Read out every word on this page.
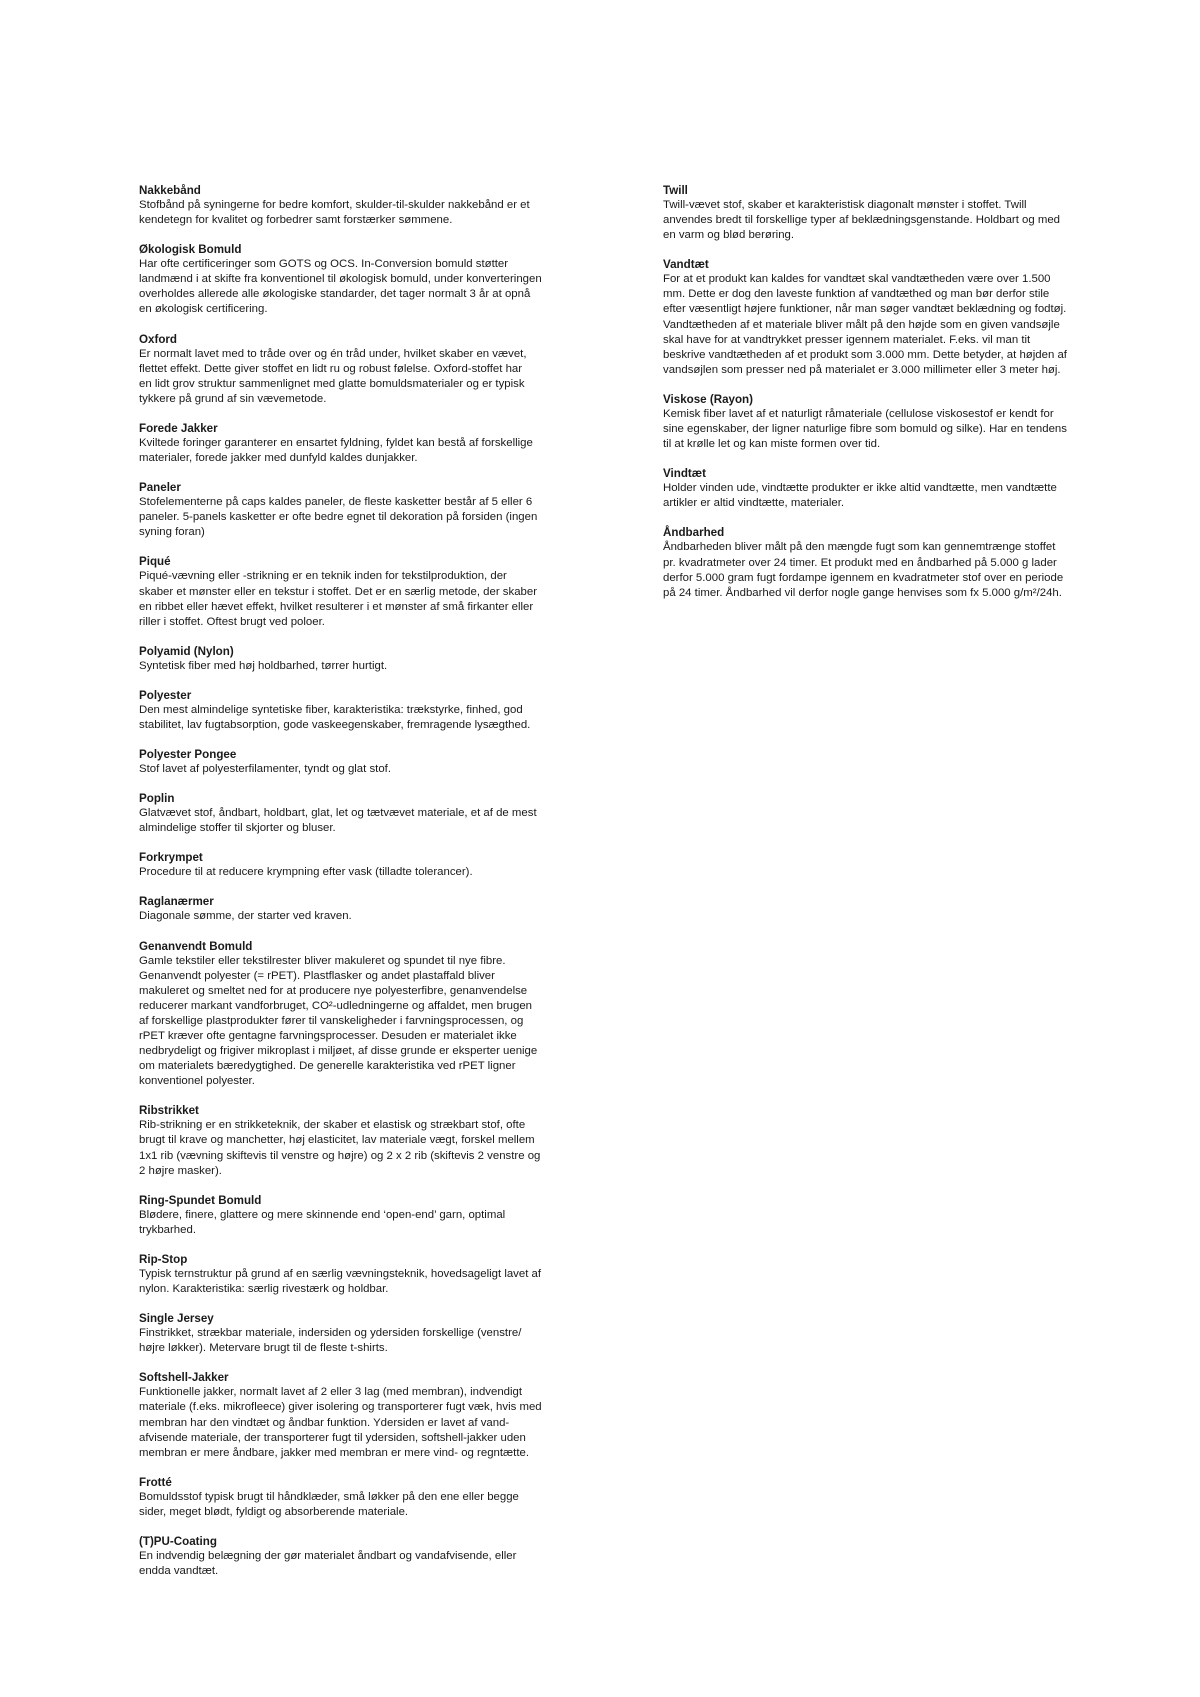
Nakkebånd

Stofbånd på syningerne for bedre komfort, skulder-til-skulder nakkebånd er et
kendetegn for kvalitet og forbedrer samt forstærker sømmene.

Økologisk Bomuld

Har ofte certificeringer som GOTS og OCS. In-Conversion bomuld støtter
landmænd i at skifte fra konventionel til økologisk bomuld, under konverteringen
overholdes allerede alle økologiske standarder, det tager normalt 3 år at opnå
en økologisk certificering.

Oxford

Er normalt lavet med to tråde over og én tråd under, hvilket skaber en vævet,
flettet effekt. Dette giver stoffet en lidt ru og robust følelse. Oxford-stoffet har
en lidt grov struktur sammenlignet med glatte bomuldsmaterialer og er typisk
tykkere på grund af sin vævemetode.

Forede Jakker

Kviltede foringer garanterer en ensartet fyldning, fyldet kan bestå af forskellige
materialer, forede jakker med dunfyld kaldes dunjakker.

Paneler

Stofelementerne på caps kaldes paneler, de fleste kasketter består af 5 eller 6
paneler. 5-panels kasketter er ofte bedre egnet til dekoration på forsiden (ingen
syning foran)

Piqué

Piqué-vævning eller -strikning er en teknik inden for tekstilproduktion, der
skaber et mønster eller en tekstur i stoffet. Det er en særlig metode, der skaber
en ribbet eller hævet effekt, hvilket resulterer i et mønster af små firkanter eller
riller i stoffet. Oftest brugt ved poloer.

Polyamid (Nylon)

Syntetisk fiber med høj holdbarhed, tørrer hurtigt.

Polyester

Den mest almindelige syntetiske fiber, karakteristika: trækstyrke, finhed, god
stabilitet, lav fugtabsorption, gode vaskeegenskaber, fremragende lysægthed.

Polyester Pongee

Stof lavet af polyesterfilamenter, tyndt og glat stof.

Poplin

Glatvævet stof, åndbart, holdbart, glat, let og tætvævet materiale, et af de mest
almindelige stoffer til skjorter og bluser.

Forkrympet

Procedure til at reducere krympning efter vask (tilladte tolerancer).

Raglanærmer

Diagonale sømme, der starter ved kraven.

Genanvendt Bomuld

Gamle tekstiler eller tekstilrester bliver makuleret og spundet til nye fibre.
Genanvendt polyester (= rPET). Plastflasker og andet plastaffald bliver
makuleret og smeltet ned for at producere nye polyesterfibre, genanvendelse
reducerer markant vandforbruget, CO²-udledningerne og affaldet, men brugen
af forskellige plastprodukter fører til vanskeligheder i farvningsprocessen, og
rPET kræver ofte gentagne farvningsprocesser. Desuden er materialet ikke
nedbrydeligt og frigiver mikroplast i miljøet, af disse grunde er eksperter uenige
om materialets bæredygtighed. De generelle karakteristika ved rPET ligner
konventionel polyester.

Ribstrikket

Rib-strikning er en strikketeknik, der skaber et elastisk og strækbart stof, ofte
brugt til krave og manchetter, høj elasticitet, lav materiale vægt, forskel mellem
1x1 rib (vævning skiftevis til venstre og højre) og 2 x 2 rib (skiftevis 2 venstre og
2 højre masker).

Ring-Spundet Bomuld

Blødere, finere, glattere og mere skinnende end ‘open-end’ garn, optimal
trykbarhed.

Rip-Stop

Typisk ternstruktur på grund af en særlig vævningsteknik, hovedsageligt lavet af
nylon. Karakteristika: særlig rivestærk og holdbar.

Single Jersey

Finstrikket, strækbar materiale, indersiden og ydersiden forskellige (venstre/
højre løkker). Metervare brugt til de fleste t-shirts.

Softshell-Jakker

Funktionelle jakker, normalt lavet af 2 eller 3 lag (med membran), indvendigt
materiale (f.eks. mikrofleece) giver isolering og transporterer fugt væk, hvis med
membran har den vindtæt og åndbar funktion. Ydersiden er lavet af vand-
afvisende materiale, der transporterer fugt til ydersiden, softshell-jakker uden
membran er mere åndbare, jakker med membran er mere vind- og regntætte.

Frotté

Bomuldsstof typisk brugt til håndklæder, små løkker på den ene eller begge
sider, meget blødt, fyldigt og absorberende materiale.

(T)PU-Coating

En indvendig belægning der gør materialet åndbart og vandafvisende, eller
endda vandtæt.

Twill

Twill-vævet stof, skaber et karakteristisk diagonalt mønster i stoffet. Twill
anvendes bredt til forskellige typer af beklædningsgenstande. Holdbart og med
en varm og blød berøring.

Vandtæt

For at et produkt kan kaldes for vandtæt skal vandtætheden være over 1.500
mm. Dette er dog den laveste funktion af vandtæthed og man bør derfor stile
efter væsentligt højere funktioner, når man søger vandtæt beklædning og fodtøj.
Vandtætheden af et materiale bliver målt på den højde som en given vandsøjle
skal have for at vandtrykket presser igennem materialet. F.eks. vil man tit
beskrive vandtætheden af et produkt som 3.000 mm. Dette betyder, at højden af
vandsøjlen som presser ned på materialet er 3.000 millimeter eller 3 meter høj.

Viskose (Rayon)

Kemisk fiber lavet af et naturligt råmateriale (cellulose viskosestof er kendt for
sine egenskaber, der ligner naturlige fibre som bomuld og silke). Har en tendens
til at krølle let og kan miste formen over tid.

Vindtæt

Holder vinden ude, vindtætte produkter er ikke altid vandtætte, men vandtætte
artikler er altid vindtætte, materialer.

Åndbarhed

Åndbarheden bliver målt på den mængde fugt som kan gennemtrænge stoffet
pr. kvadratmeter over 24 timer. Et produkt med en åndbarhed på 5.000 g lader
derfor 5.000 gram fugt fordampe igennem en kvadratmeter stof over en periode
på 24 timer. Åndbarhed vil derfor nogle gange henvises som fx 5.000 g/m²/24h.
